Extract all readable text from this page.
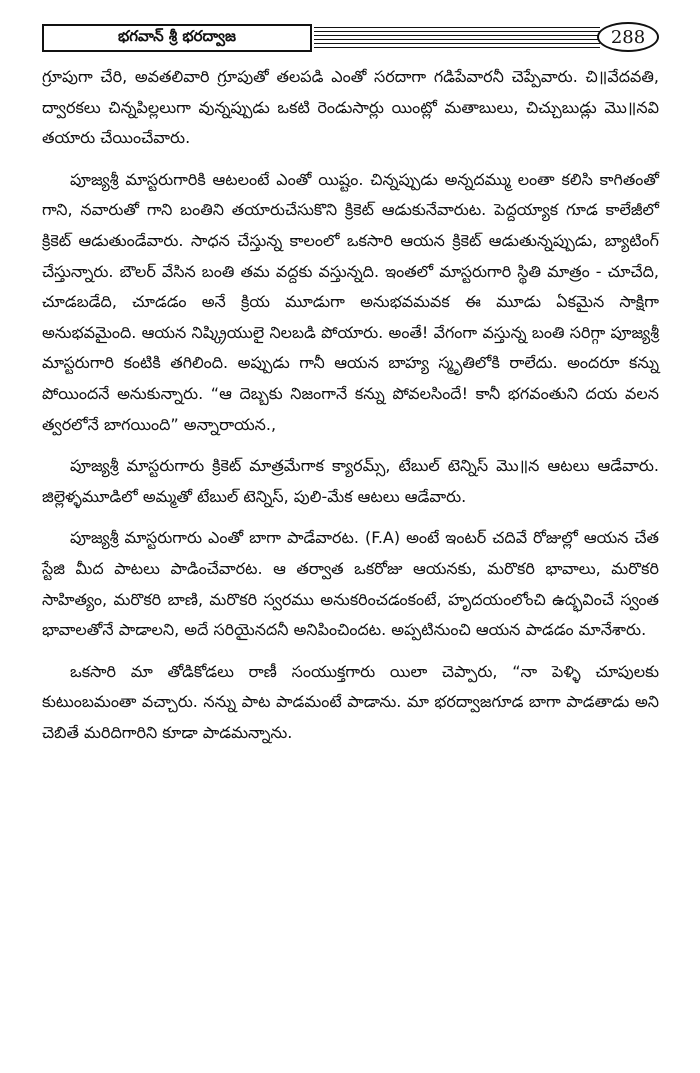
భగవాన్ శ్రీ భరద్వాజ	288

గ్రూపుగా చేరి, అవతలివారి గ్రూపుతో తలపడి ఎంతో సరదాగా గడిపేవారనీ చెప్పేవారు. చి॥వేదవతి, ద్వారకలు చిన్నపిల్లలుగా వున్నప్పుడు ఒకటి రెండుసార్లు యింట్లో మతాబులు, చిచ్చుబుడ్లు మొ॥నవి తయారు చేయించేవారు.

పూజ్యశ్రీ మాస్టరుగారికి ఆటలంటే ఎంతో యిష్టం. చిన్నప్పుడు అన్నదమ్ము లంతా కలిసి కాగితంతో గాని, నవారుతో గాని బంతిని తయారుచేసుకొని క్రికెట్ ఆడుకునేవారుట. పెద్దయ్యాక గూడ కాలేజీలో క్రికెట్ ఆడుతుండేవారు. సాధన చేస్తున్న కాలంలో ఒకసారి ఆయన క్రికెట్ ఆడుతున్నప్పుడు, బ్యాటింగ్ చేస్తున్నారు. బౌలర్ వేసిన బంతి తమ వద్దకు వస్తున్నది. ఇంతలో మాస్టరుగారి స్థితి మాత్రం - చూచేది, చూడబడేది, చూడడం అనే క్రియ మూడుగా అనుభవమవక ఈ మూడు ఏకమైన సాక్షిగా అనుభవమైంది. ఆయన నిష్క్రియులై నిలబడి పోయారు. అంతే! వేగంగా వస్తున్న బంతి సరిగ్గా పూజ్యశ్రీ మాస్టరుగారి కంటికి తగిలింది. అప్పుడు గానీ ఆయన బాహ్య స్మృతిలోకి రాలేదు. అందరూ కన్ను పోయిందనే అనుకున్నారు. “ఆ దెబ్బకు నిజంగానే కన్ను పోవలసిందే! కానీ భగవంతుని దయ వలన త్వరలోనే బాగయింది” అన్నారాయన.,

పూజ్యశ్రీ మాస్టరుగారు క్రికెట్ మాత్రమేగాక క్యారమ్స్, టేబుల్ టెన్నిస్ మొ॥న ఆటలు ఆడేవారు. జిల్లెళ్ళమూడిలో అమ్మతో టేబుల్ టెన్నిస్, పులి-మేక ఆటలు ఆడేవారు.

పూజ్యశ్రీ మాస్టరుగారు ఎంతో బాగా పాడేవారట. (F.A) అంటే ఇంటర్ చదివే రోజుల్లో ఆయన చేత స్టేజి మీద పాటలు పాడించేవారట. ఆ తర్వాత ఒకరోజు ఆయనకు, మరొకరి భావాలు, మరొకరి సాహిత్యం, మరొకరి బాణి, మరొకరి స్వరము అనుకరించడంకంటే, హృదయంలోంచి ఉద్భవించే స్వంత భావాలతోనే పాడాలని, అదే సరియైనదనీ అనిపించిందట. అప్పటినుంచి ఆయన పాడడం మానేశారు.

ఒకసారి మా తోడికోడలు రాణీ సంయుక్తగారు యిలా చెప్పారు, “నా పెళ్ళి చూపులకు కుటుంబమంతా వచ్చారు. నన్ను పాట పాడమంటే పాడాను. మా భరద్వాజగూడ బాగా పాడతాడు అని చెబితే మరిదిగారిని కూడా పాడమన్నాను.
